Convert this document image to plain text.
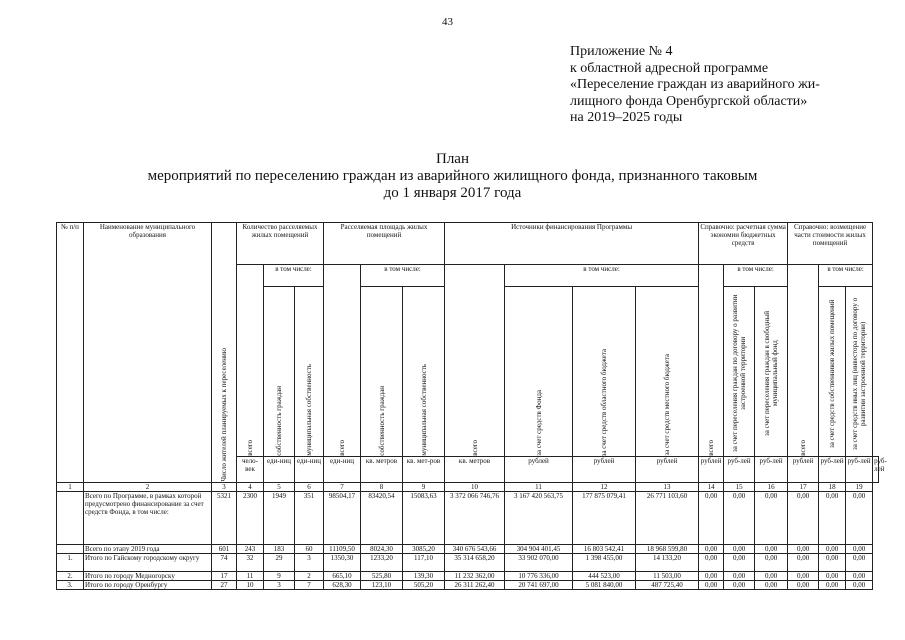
43
Приложение № 4
к областной адресной программе
«Переселение граждан из аварийного жи-
лищного фонда Оренбургской области»
на 2019–2025 годы
План
мероприятий по переселению граждан из аварийного жилищного фонда, признанного таковым
до 1 января 2017 года
№ п/п	Наименование муниципального образования	Число жителей планируемых к переселению	Количество расселяемых жилых помещений			Расселяемая площадь жилых помещений			Источники финансирования Программы				Справочно: расчетная сумма экономии бюджетных средств			Справочно: возмещение части стоимости жилых помещений			

			всего	в том числе:		всего	в том числе:		всего	в том числе:			всего	в том числе:		всего	в том числе:		

				собственность граждан	муниципальная собственность		собственность граждан	муниципальная собственность		за счет средств Фонда	за счет средств областного бюджета	за счет средств местного бюджета		за счет переселения граждан по договору о развитии застроенной территории	за счет переселения граждан в свободный муниципальный фонд		за счет средств собственников жилых помещений	за счет средств иных лиц (инвестора по договору о развитии застроенной территории)	

			чело-век	еди-ниц	еди-ниц	еди-ниц	кв. метров	кв. мет-ров	кв. метров	рублей	рублей	рублей	рублей	руб-лей	руб-лей	рублей	руб-лей	руб-лей	руб-лей
1	2	3	4	5	6	7	8	9	10	11	12	13	14	15	16	17	18	19	
	Всего по Программе, в рамках которой предусмотрено финансирование за счет средств Фонда, в том числе:	5321	2300	1949	351	98504,17	83420,54	15083,63	3 372 066 746,76	3 167 420 563,75	177 875 079,41	26 771 103,60	0,00	0,00	0,00	0,00	0,00	0,00	
	Всего по этапу 2019 года	601	243	183	60	11109,50	8024,30	3085,20	340 676 543,66	304 904 401,45	16 803 542,41	18 968 599,80	0,00	0,00	0,00	0,00	0,00	0,00	
1.	Итого по Гайскому городскому округу	74	32	29	3	1350,30	1233,20	117,10	35 314 658,20	33 902 070,00	1 398 455,00	14 133,20	0,00	0,00	0,00	0,00	0,00	0,00	
2.	Итого по городу Медногорску	17	11	9	2	665,10	525,80	139,30	11 232 362,00	10 776 336,00	444 523,00	11 503,00	0,00	0,00	0,00	0,00	0,00	0,00	
3.	Итого по городу Оренбургу	27	10	3	7	628,30	123,10	505,20	26 311 262,40	20 741 697,00	5 081 840,00	487 725,40	0,00	0,00	0,00	0,00	0,00	0,00	
